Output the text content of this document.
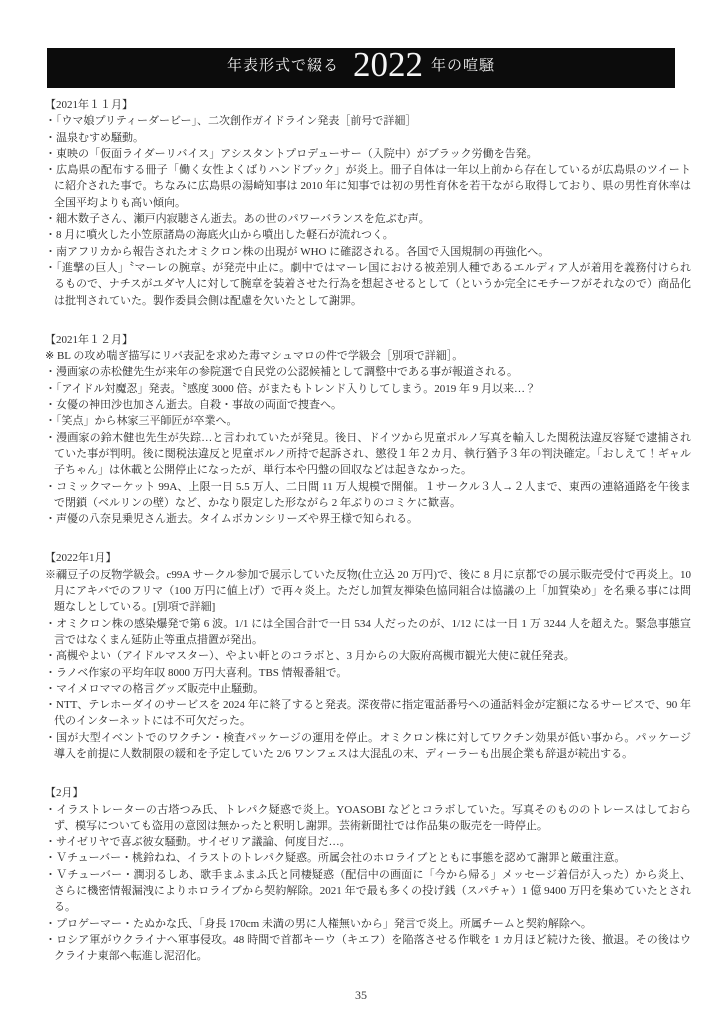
年表形式で綴る 2022 年の喧騒
【2021年１１月】

・「ウマ娘プリティーダービー」、二次創作ガイドライン発表［前号で詳細］

・温泉むすめ騒動。

・東映の「仮面ライダーリバイス」アシスタントプロデューサー（入院中）がブラック労働を告発。

・広島県の配布する冊子「働く女性よくばりハンドブック」が炎上。冊子自体は一年以上前から存在しているが広島県のツイートに紹介された事で。ちなみに広島県の湯崎知事は 2010 年に知事では初の男性育休を若干ながら取得しており、県の男性育休率は全国平均よりも高い傾向。

・細木数子さん、瀬戸内寂聴さん逝去。あの世のパワーバランスを危ぶむ声。

・8 月に噴火した小笠原諸島の海底火山から噴出した軽石が流れつく。

・南アフリカから報告されたオミクロン株の出現が WHO に確認される。各国で入国規制の再強化へ。

・「進撃の巨人」〝マーレの腕章〟が発売中止に。劇中ではマーレ国における被差別人種であるエルディア人が着用を義務付けられるもので、ナチスがユダヤ人に対して腕章を装着させた行為を想起させるとして（というか完全にモチーフがそれなので）商品化は批判されていた。製作委員会側は配慮を欠いたとして謝罪。

【2021年１２月】

※ BL の攻め喘ぎ描写にリバ表記を求めた毒マシュマロの件で学級会［別項で詳細］。

・漫画家の赤松健先生が来年の参院選で自民党の公認候補として調整中である事が報道される。

・「アイドル対魔忍」発表。〝感度 3000 倍〟がまたもトレンド入りしてしまう。2019 年 9 月以来…？

・女優の神田沙也加さん逝去。自殺・事故の両面で捜査へ。

・「笑点」から林家三平師匠が卒業へ。

・漫画家の鈴木健也先生が失踪…と言われていたが発見。後日、ドイツから児童ポルノ写真を輸入した関税法違反容疑で逮捕されていた事が判明。後に関税法違反と児童ポルノ所持で起訴され、懲役１年２カ月、執行猶予３年の判決確定。「おしえて！ギャル子ちゃん」は休載と公開停止になったが、単行本や円盤の回収などは起きなかった。

・コミックマーケット 99A、上限一日 5.5 万人、二日間 11 万人規模で開催。１サークル３人→２人まで、東西の連絡通路を午後まで閉鎖（ベルリンの壁）など、かなり限定した形ながら 2 年ぶりのコミケに歓喜。

・声優の八奈見乗児さん逝去。タイムボカンシリーズや界王様で知られる。

【2022年1月】

※禰豆子の反物学級会。c99A サークル参加で展示していた反物(仕立込 20 万円)で、後に 8 月に京都での展示販売受付で再炎上。10 月にアキバでのフリマ（100 万円に値上げ）で再々炎上。ただし加賀友禅染色協同組合は協議の上「加賀染め」を名乗る事には問題なしとしている。[別項で詳細]

・オミクロン株の感染爆発で第 6 波。1/1 には全国合計で一日 534 人だったのが、1/12 には一日 1 万 3244 人を超えた。緊急事態宣言ではなくまん延防止等重点措置が発出。

・高槻やよい（アイドルマスター）、やよい軒とのコラボと、3 月からの大阪府高槻市観光大使に就任発表。

・ラノベ作家の平均年収 8000 万円大喜利。TBS 情報番組で。

・マイメロママの格言グッズ販売中止騒動。

・NTT、テレホーダイのサービスを 2024 年に終了すると発表。深夜帯に指定電話番号への通話料金が定額になるサービスで、90 年代のインターネットには不可欠だった。

・国が大型イベントでのワクチン・検査パッケージの運用を停止。オミクロン株に対してワクチン効果が低い事から。パッケージ導入を前提に人数制限の緩和を予定していた 2/6 ワンフェスは大混乱の末、ディーラーも出展企業も辞退が続出する。

【2月】

・イラストレーターの古塔つみ氏、トレパク疑惑で炎上。YOASOBI などとコラボしていた。写真そのもののトレースはしておらず、模写についても盗用の意図は無かったと釈明し謝罪。芸術新聞社では作品集の販売を一時停止。

・サイゼリヤで喜ぶ彼女騒動。サイゼリア議論、何度目だ…。

・Ｖチューバー・桃鈴ねね、イラストのトレパク疑惑。所属会社のホロライブとともに事態を認めて謝罪と厳重注意。

・Ｖチューバー・潤羽るしあ、歌手まふまふ氏と同棲疑惑（配信中の画面に「今から帰る」メッセージ着信が入った）から炎上、さらに機密情報漏洩によりホロライブから契約解除。2021 年で最も多くの投げ銭（スパチャ）1 億 9400 万円を集めていたとされる。

・プロゲーマー・たぬかな氏、「身長 170cm 未満の男に人権無いから」発言で炎上。所属チームと契約解除へ。

・ロシア軍がウクライナへ軍事侵攻。48 時間で首都キーウ（キエフ）を陥落させる作戦を 1 カ月ほど続けた後、撤退。その後はウクライナ東部へ転進し泥沼化。

35
